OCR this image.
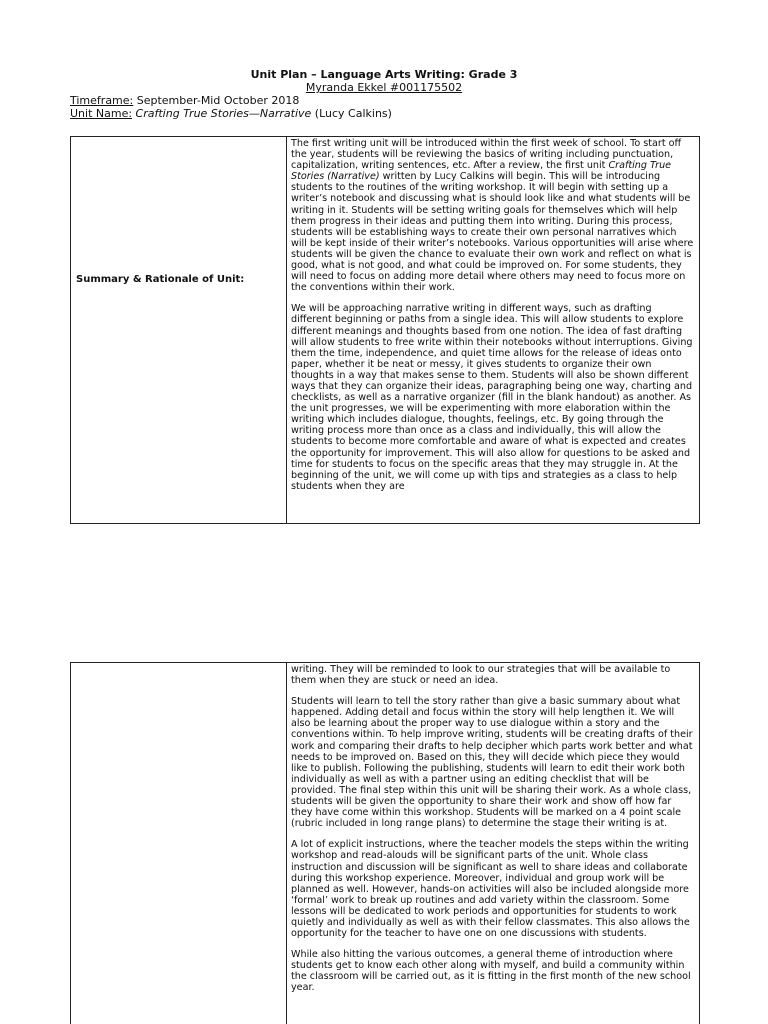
Unit Plan – Language Arts Writing: Grade 3
Myranda Ekkel #001175502
Timeframe: September-Mid October 2018
Unit Name: Crafting True Stories—Narrative (Lucy Calkins)
Summary & Rationale of Unit:

The first writing unit will be introduced within the first week of school. To start off the year, students will be reviewing the basics of writing including punctuation, capitalization, writing sentences, etc. After a review, the first unit Crafting True Stories (Narrative) written by Lucy Calkins will begin. This will be introducing students to the routines of the writing workshop. It will begin with setting up a writer’s notebook and discussing what is should look like and what students will be writing in it. Students will be setting writing goals for themselves which will help them progress in their ideas and putting them into writing. During this process, students will be establishing ways to create their own personal narratives which will be kept inside of their writer’s notebooks. Various opportunities will arise where students will be given the chance to evaluate their own work and reflect on what is good, what is not good, and what could be improved on. For some students, they will need to focus on adding more detail where others may need to focus more on the conventions within their work.

We will be approaching narrative writing in different ways, such as drafting different beginning or paths from a single idea. This will allow students to explore different meanings and thoughts based from one notion. The idea of fast drafting will allow students to free write within their notebooks without interruptions. Giving them the time, independence, and quiet time allows for the release of ideas onto paper, whether it be neat or messy, it gives students to organize their own thoughts in a way that makes sense to them. Students will also be shown different ways that they can organize their ideas, paragraphing being one way, charting and checklists, as well as a narrative organizer (fill in the blank handout) as another. As the unit progresses, we will be experimenting with more elaboration within the writing which includes dialogue, thoughts, feelings, etc. By going through the writing process more than once as a class and individually, this will allow the students to become more comfortable and aware of what is expected and creates the opportunity for improvement. This will also allow for questions to be asked and time for students to focus on the specific areas that they may struggle in. At the beginning of the unit, we will come up with tips and strategies as a class to help students when they are

writing. They will be reminded to look to our strategies that will be available to them when they are stuck or need an idea.

Students will learn to tell the story rather than give a basic summary about what happened. Adding detail and focus within the story will help lengthen it. We will also be learning about the proper way to use dialogue within a story and the conventions within. To help improve writing, students will be creating drafts of their work and comparing their drafts to help decipher which parts work better and what needs to be improved on. Based on this, they will decide which piece they would like to publish. Following the publishing, students will learn to edit their work both individually as well as with a partner using an editing checklist that will be provided. The final step within this unit will be sharing their work. As a whole class, students will be given the opportunity to share their work and show off how far they have come within this workshop. Students will be marked on a 4 point scale (rubric included in long range plans) to determine the stage their writing is at.

A lot of explicit instructions, where the teacher models the steps within the writing workshop and read-alouds will be significant parts of the unit. Whole class instruction and discussion will be significant as well to share ideas and collaborate during this workshop experience. Moreover, individual and group work will be planned as well. However, hands-on activities will also be included alongside more ‘formal’ work to break up routines and add variety within the classroom. Some lessons will be dedicated to work periods and opportunities for students to work quietly and individually as well as with their fellow classmates. This also allows the opportunity for the teacher to have one on one discussions with students.

While also hitting the various outcomes, a general theme of introduction where students get to know each other along with myself, and build a community within the classroom will be carried out, as it is fitting in the first month of the new school year.
